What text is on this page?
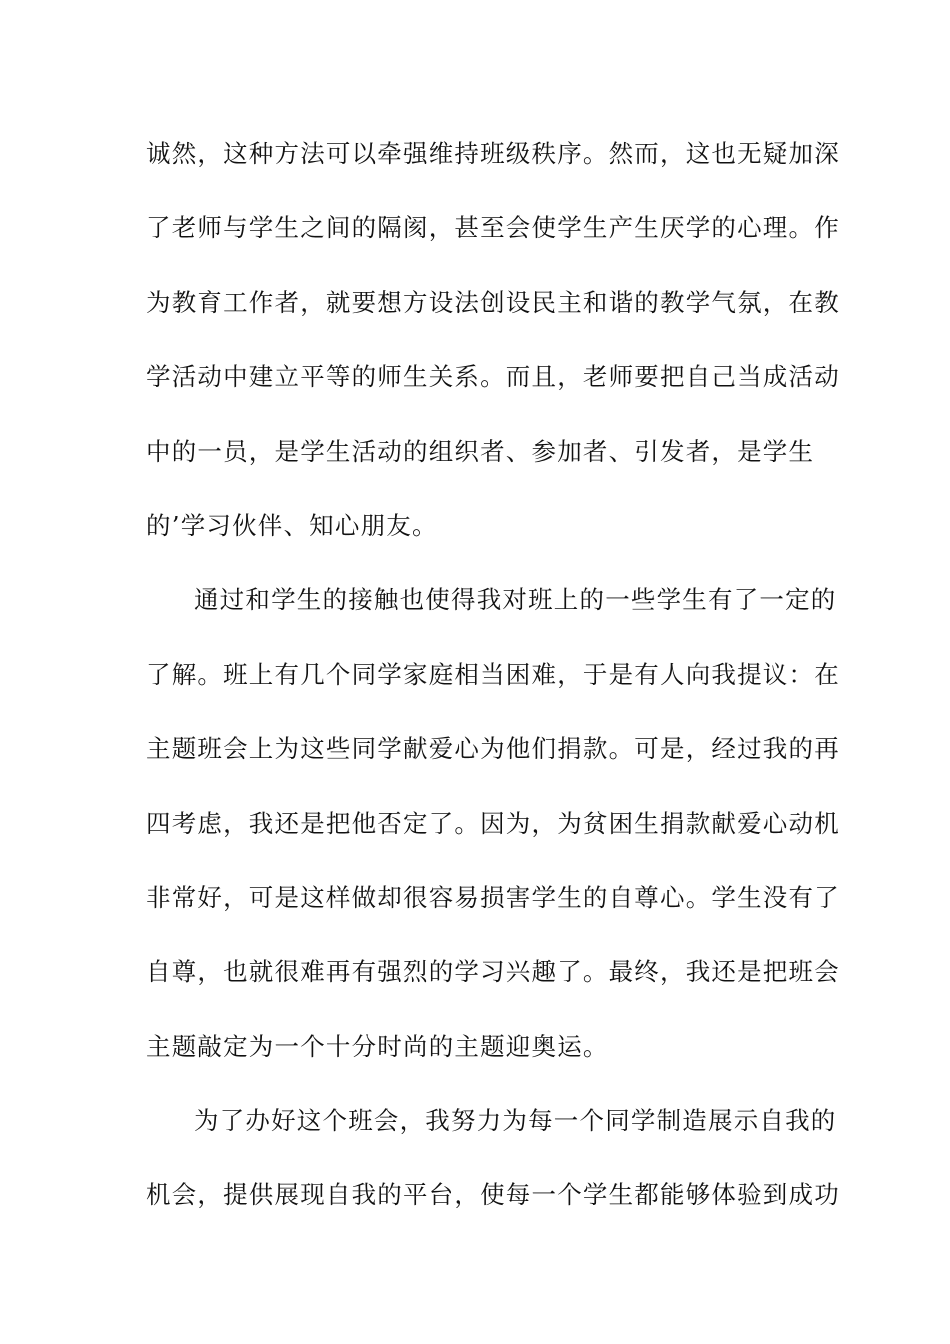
诚然，这种方法可以牵强维持班级秩序。然而，这也无疑加深
了老师与学生之间的隔阂，甚至会使学生产生厌学的心理。作
为教育工作者，就要想方设法创设民主和谐的教学气氛，在教
学活动中建立平等的师生关系。而且，老师要把自己当成活动
中的一员，是学生活动的组织者、参加者、引发者，是学生
的’学习伙伴、知心朋友。
通过和学生的接触也使得我对班上的一些学生有了一定的
了解。班上有几个同学家庭相当困难，于是有人向我提议：在
主题班会上为这些同学献爱心为他们捐款。可是，经过我的再
四考虑，我还是把他否定了。因为，为贫困生捐款献爱心动机
非常好，可是这样做却很容易损害学生的自尊心。学生没有了
自尊，也就很难再有强烈的学习兴趣了。最终，我还是把班会
主题敲定为一个十分时尚的主题迎奥运。
为了办好这个班会，我努力为每一个同学制造展示自我的
机会，提供展现自我的平台，使每一个学生都能够体验到成功
